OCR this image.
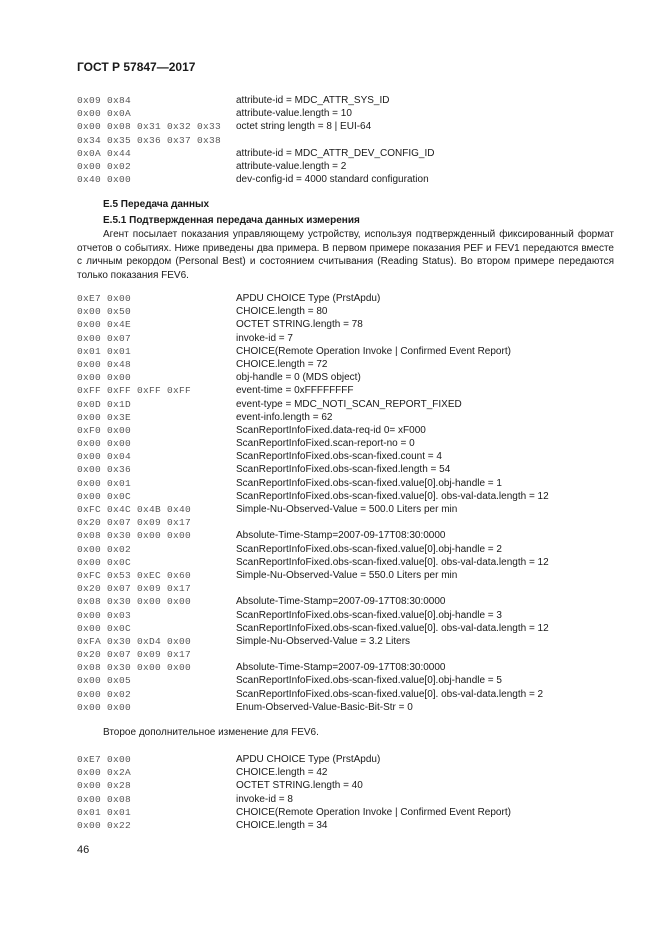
ГОСТ Р 57847—2017
0x09 0x84	attribute-id = MDC_ATTR_SYS_ID
0x00 0x0A	attribute-value.length = 10
0x00 0x08 0x31 0x32 0x33 octet string length = 8 | EUI-64
0x34 0x35 0x36 0x37 0x38
0x0A 0x44	attribute-id = MDC_ATTR_DEV_CONFIG_ID
0x00 0x02	attribute-value.length = 2
0x40 0x00	dev-config-id = 4000 standard configuration
Е.5 Передача данных
Е.5.1 Подтвержденная передача данных измерения
Агент посылает показания управляющему устройству, используя подтвержденный фиксированный формат отчетов о событиях. Ниже приведены два примера. В первом примере показания PEF и FEV1 передаются вместе с личным рекордом (Personal Best) и состоянием считывания (Reading Status). Во втором примере передаются только показания FEV6.
0xE7 0x00	APDU CHOICE Type (PrstApdu)
0x00 0x50	CHOICE.length = 80
0x00 0x4E	OCTET STRING.length = 78
0x00 0x07	invoke-id = 7
0x01 0x01	CHOICE(Remote Operation Invoke | Confirmed Event Report)
0x00 0x48	CHOICE.length = 72
0x00 0x00	obj-handle = 0 (MDS object)
0xFF 0xFF 0xFF 0xFF	event-time = 0xFFFFFFFF
0x0D 0x1D	event-type = MDC_NOTI_SCAN_REPORT_FIXED
0x00 0x3E	event-info.length = 62
0xF0 0x00	ScanReportInfoFixed.data-req-id 0= xF000
0x00 0x00	ScanReportInfoFixed.scan-report-no = 0
0x00 0x04	ScanReportInfoFixed.obs-scan-fixed.count = 4
0x00 0x36	ScanReportInfoFixed.obs-scan-fixed.length = 54
0x00 0x01	ScanReportInfoFixed.obs-scan-fixed.value[0].obj-handle = 1
0x00 0x0C	ScanReportInfoFixed.obs-scan-fixed.value[0]. obs-val-data.length = 12
0xFC 0x4C 0x4B 0x40	Simple-Nu-Observed-Value = 500.0 Liters per min
0x20 0x07 0x09 0x17
0x08 0x30 0x00 0x00	Absolute-Time-Stamp=2007-09-17T08:30:0000
0x00 0x02	ScanReportInfoFixed.obs-scan-fixed.value[0].obj-handle = 2
0x00 0x0C	ScanReportInfoFixed.obs-scan-fixed.value[0]. obs-val-data.length = 12
0xFC 0x53 0xEC 0x60	Simple-Nu-Observed-Value = 550.0 Liters per min
0x20 0x07 0x09 0x17
0x08 0x30 0x00 0x00	Absolute-Time-Stamp=2007-09-17T08:30:0000
0x00 0x03	ScanReportInfoFixed.obs-scan-fixed.value[0].obj-handle = 3
0x00 0x0C	ScanReportInfoFixed.obs-scan-fixed.value[0]. obs-val-data.length = 12
0xFA 0x30 0xD4 0x00	Simple-Nu-Observed-Value = 3.2 Liters
0x20 0x07 0x09 0x17
0x08 0x30 0x00 0x00	Absolute-Time-Stamp=2007-09-17T08:30:0000
0x00 0x05	ScanReportInfoFixed.obs-scan-fixed.value[0].obj-handle = 5
0x00 0x02	ScanReportInfoFixed.obs-scan-fixed.value[0]. obs-val-data.length = 2
0x00 0x00	Enum-Observed-Value-Basic-Bit-Str = 0
Второе дополнительное изменение для FEV6.
0xE7 0x00	APDU CHOICE Type (PrstApdu)
0x00 0x2A	CHOICE.length = 42
0x00 0x28	OCTET STRING.length = 40
0x00 0x08	invoke-id = 8
0x01 0x01	CHOICE(Remote Operation Invoke | Confirmed Event Report)
0x00 0x22	CHOICE.length = 34
46
